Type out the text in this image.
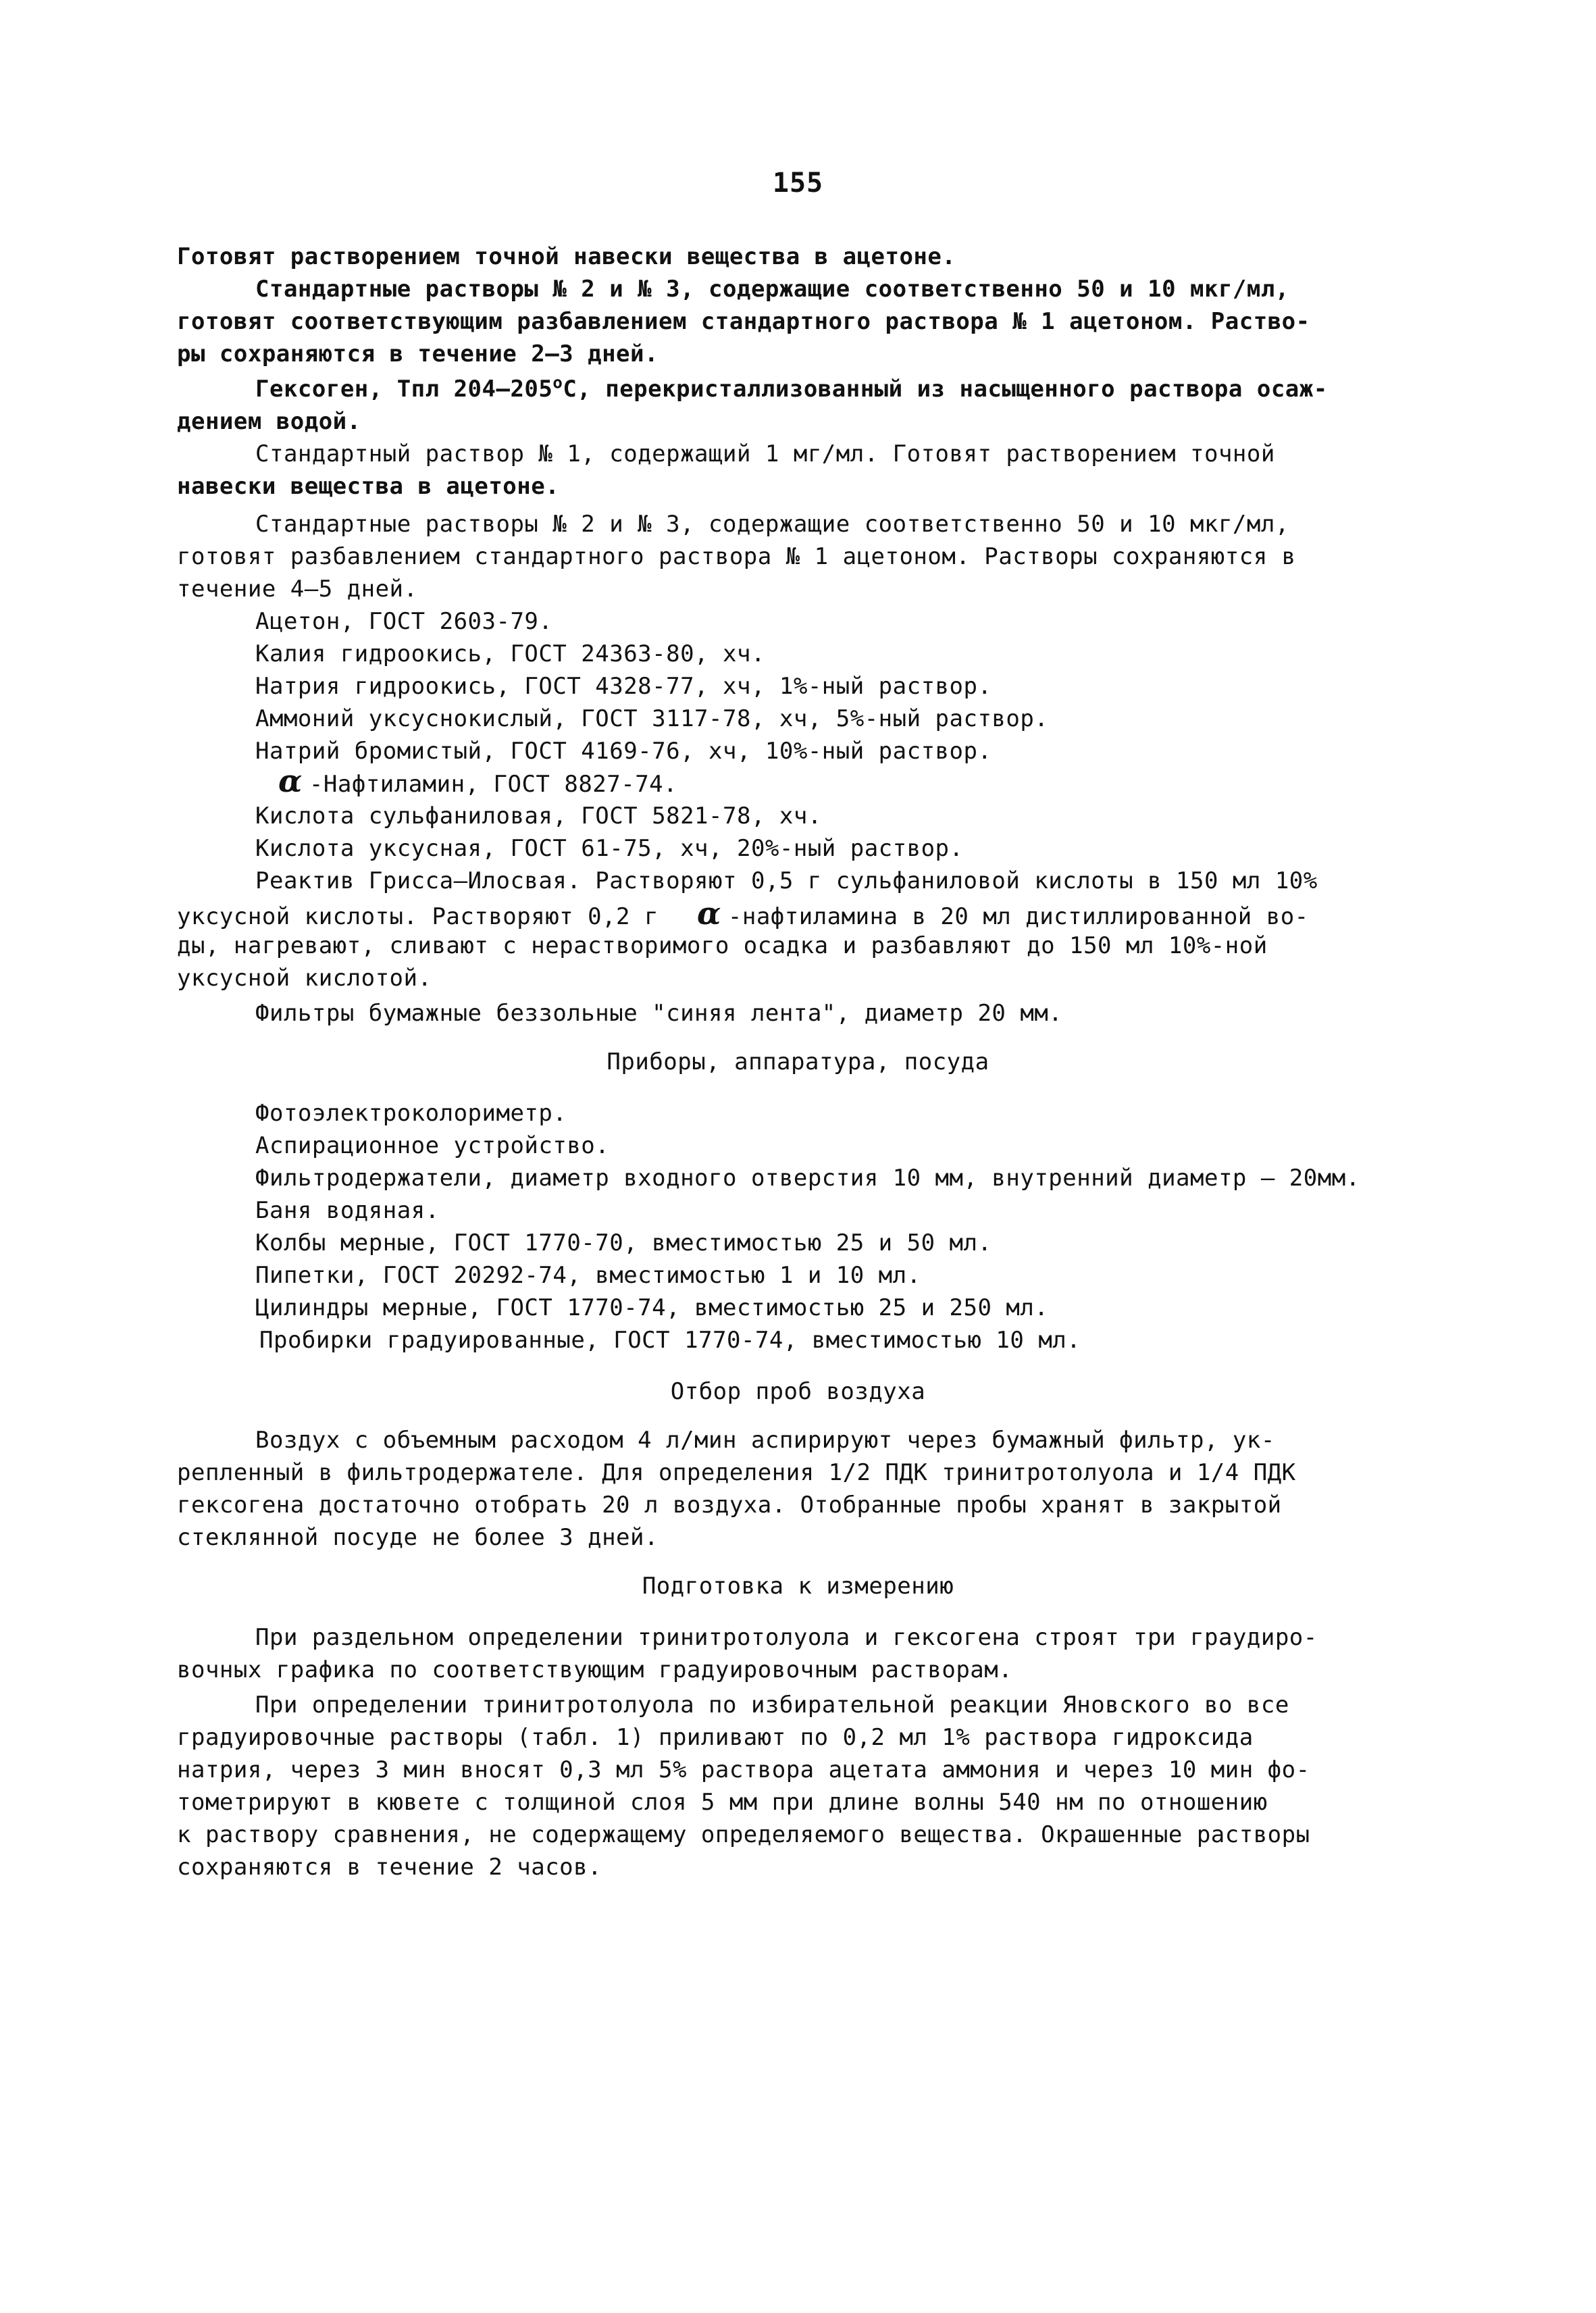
155
Готовят растворением точной навески вещества в ацетоне.
Стандартные растворы № 2 и № 3, содержащие соответственно 50 и 10 мкг/мл,
готовят соответствующим разбавлением стандартного раствора № 1 ацетоном. Раство-
ры сохраняются в течение 2–3 дней.
Гексоген, Тпл $204-205^оС$, перекристаллизованный из насыщенного раствора осаж-
дением водой.
Стандартный раствор № 1, содержащий 1 мг/мл. Готовят растворением точной
навески вещества в ацетоне.
Стандартные растворы № 2 и № 3, содержащие соответственно 50 и 10 мкг/мл,
готовят разбавлением стандартного раствора № 1 ацетоном. Растворы сохраняются в
течение 4–5 дней.
Ацетон, ГОСТ 2603-79.
Калия гидроокись, ГОСТ 24363-80, хч.
Натрия гидроокись, ГОСТ 4328-77, хч, 1%-ный раствор.
Аммоний уксуснокислый, ГОСТ 3117-78, хч, 5%-ный раствор.
Натрий бромистый, ГОСТ 4169-76, хч, 10%-ный раствор.
α -Нафтиламин, ГОСТ 8827-74.
Кислота сульфаниловая, ГОСТ 5821-78, хч.
Кислота уксусная, ГОСТ 61-75, хч, 20%-ный раствор.
Реактив Грисса–Илосвая. Растворяют 0,5 г сульфаниловой кислоты в 150 мл 10%
уксусной кислоты. Растворяют 0,2 г α -нафтиламина в 20 мл дистиллированной во-
ды, нагревают, сливают с нерастворимого осадка и разбавляют до 150 мл 10%-ной
уксусной кислотой.
Фильтры бумажные беззольные "синяя лента", диаметр 20 мм.
Приборы, аппаратура, посуда
Фотоэлектроколориметр.
Аспирационное устройство.
Фильтродержатели, диаметр входного отверстия 10 мм, внутренний диаметр – 20мм.
Баня водяная.
Колбы мерные, ГОСТ 1770-70, вместимостью 25 и 50 мл.
Пипетки, ГОСТ 20292-74, вместимостью 1 и 10 мл.
Цилиндры мерные, ГОСТ 1770-74, вместимостью 25 и 250 мл.
Пробирки градуированные, ГОСТ 1770-74, вместимостью 10 мл.
Отбор проб воздуха
Воздух с объемным расходом 4 л/мин аспирируют через бумажный фильтр, ук-
репленный в фильтродержателе. Для определения 1/2 ПДК тринитротолуола и 1/4 ПДК
гексогена достаточно отобрать 20 л воздуха. Отобранные пробы хранят в закрытой
стеклянной посуде не более 3 дней.
Подготовка к измерению
При раздельном определении тринитротолуола и гексогена строят три граудиро-
вочных графика по соответствующим градуировочным растворам.
При определении тринитротолуола по избирательной реакции Яновского во все
градуировочные растворы (табл. 1) приливают по 0,2 мл 1% раствора гидроксида
натрия, через 3 мин вносят 0,3 мл 5% раствора ацетата аммония и через 10 мин фо-
тометрируют в кювете с толщиной слоя 5 мм при длине волны 540 нм по отношению
к раствору сравнения, не содержащему определяемого вещества. Окрашенные растворы
сохраняются в течение 2 часов.
